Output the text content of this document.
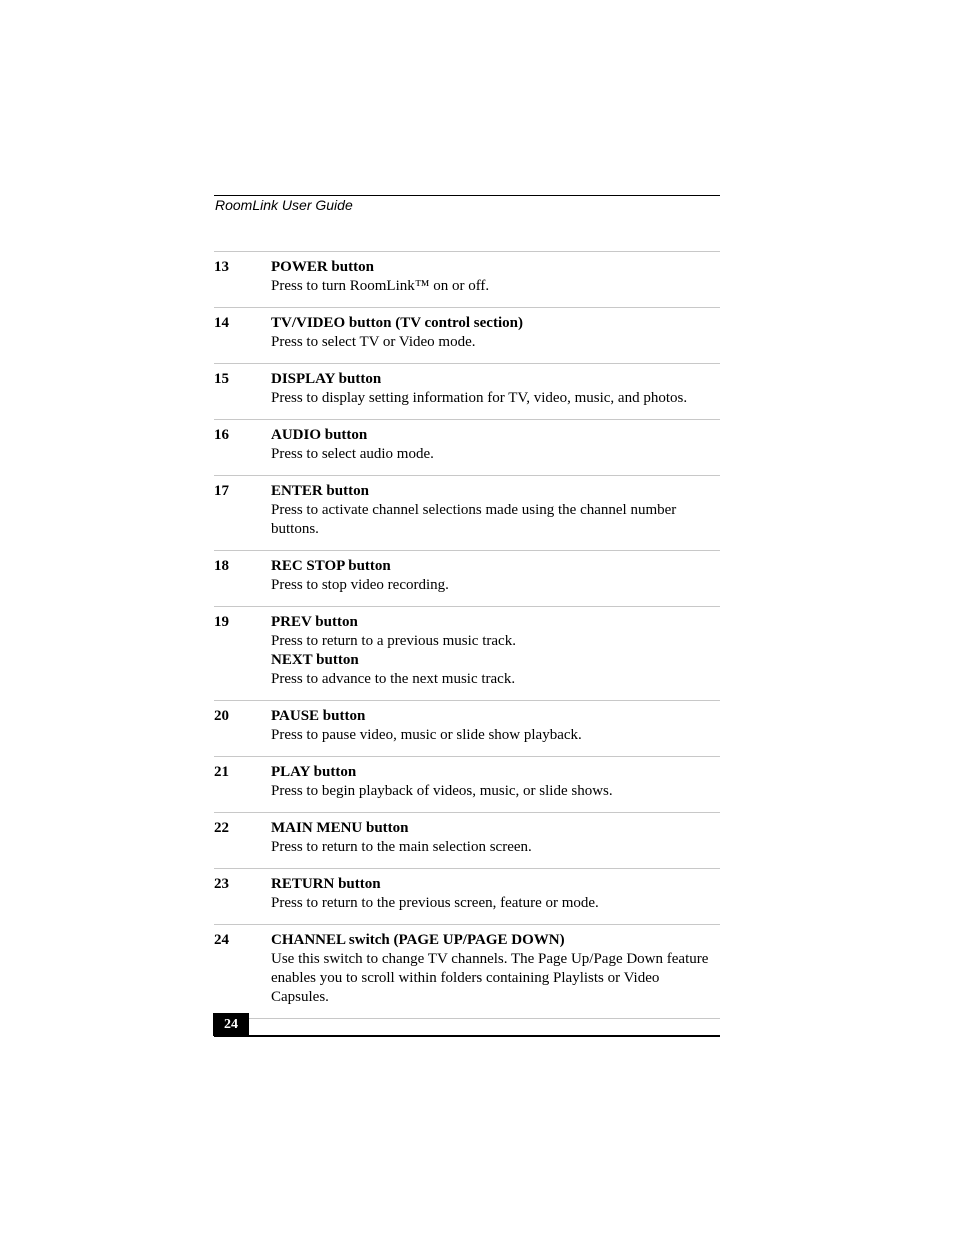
RoomLink User Guide
13	POWER button
Press to turn RoomLink™ on or off.
14	TV/VIDEO button (TV control section)
Press to select TV or Video mode.
15	DISPLAY button
Press to display setting information for TV, video, music, and photos.
16	AUDIO button
Press to select audio mode.
17	ENTER button
Press to activate channel selections made using the channel number buttons.
18	REC STOP button
Press to stop video recording.
19	PREV button
Press to return to a previous music track.
NEXT button
Press to advance to the next music track.
20	PAUSE button
Press to pause video, music or slide show playback.
21	PLAY button
Press to begin playback of videos, music, or slide shows.
22	MAIN MENU button
Press to return to the main selection screen.
23	RETURN button
Press to return to the previous screen, feature or mode.
24	CHANNEL switch (PAGE UP/PAGE DOWN)
Use this switch to change TV channels. The Page Up/Page Down feature enables you to scroll within folders containing Playlists or Video Capsules.
24
